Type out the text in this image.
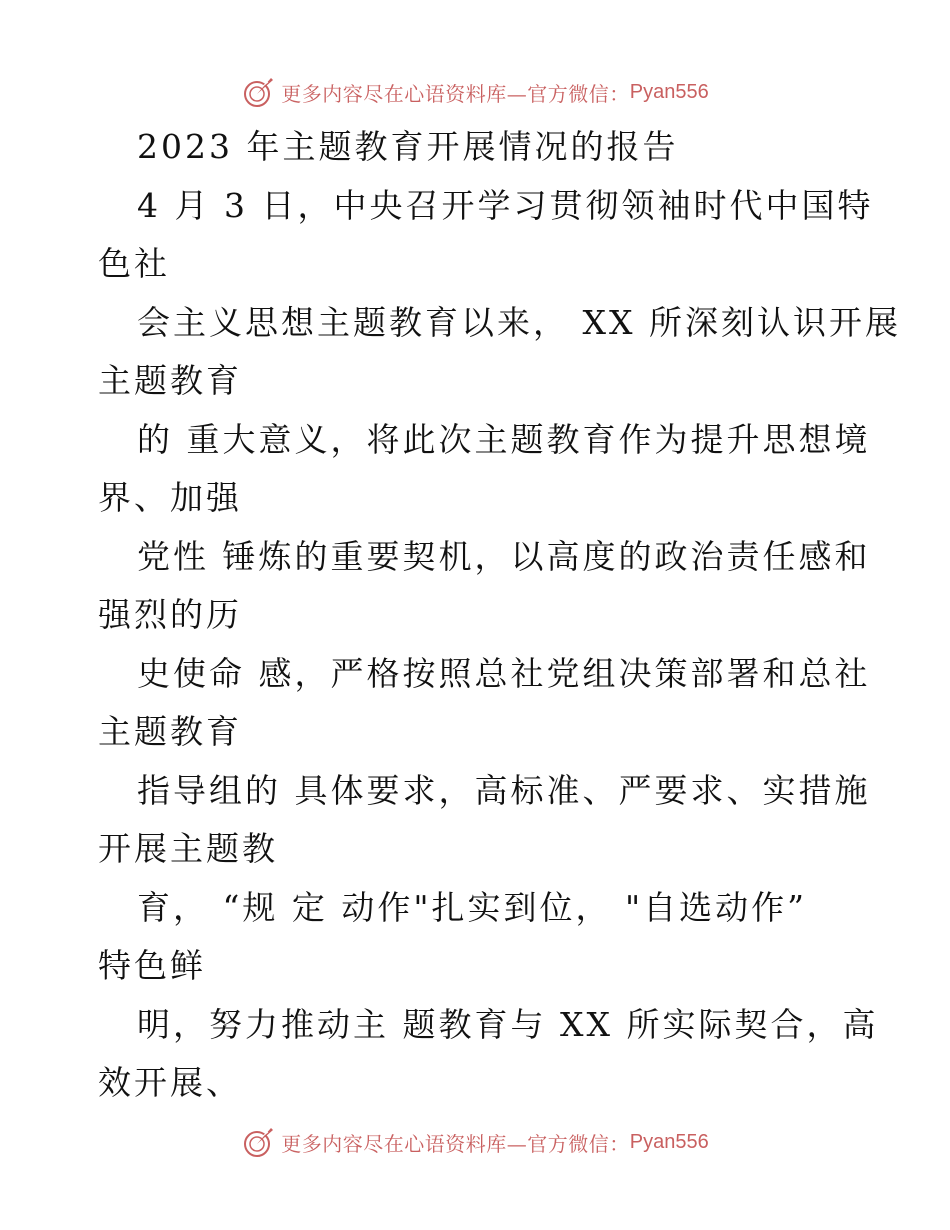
更多内容尽在心语资料库—官方微信： Pyan556
2023 年主题教育开展情况的报告
4 月 3 日，中央召开学习贯彻领袖时代中国特
色社
会主义思想主题教育以来， XX 所深刻认识开展
主题教育
的 重大意义，将此次主题教育作为提升思想境
界、加强
党性 锤炼的重要契机，以高度的政治责任感和
强烈的历
史使命 感，严格按照总社党组决策部署和总社
主题教育
指导组的 具体要求，高标准、严要求、实措施
开展主题教
育， “规 定 动作"扎实到位， "自选动作”
特色鲜
明，努力推动主 题教育与 XX 所实际契合，高
效开展、
更多内容尽在心语资料库—官方微信： Pyan556
